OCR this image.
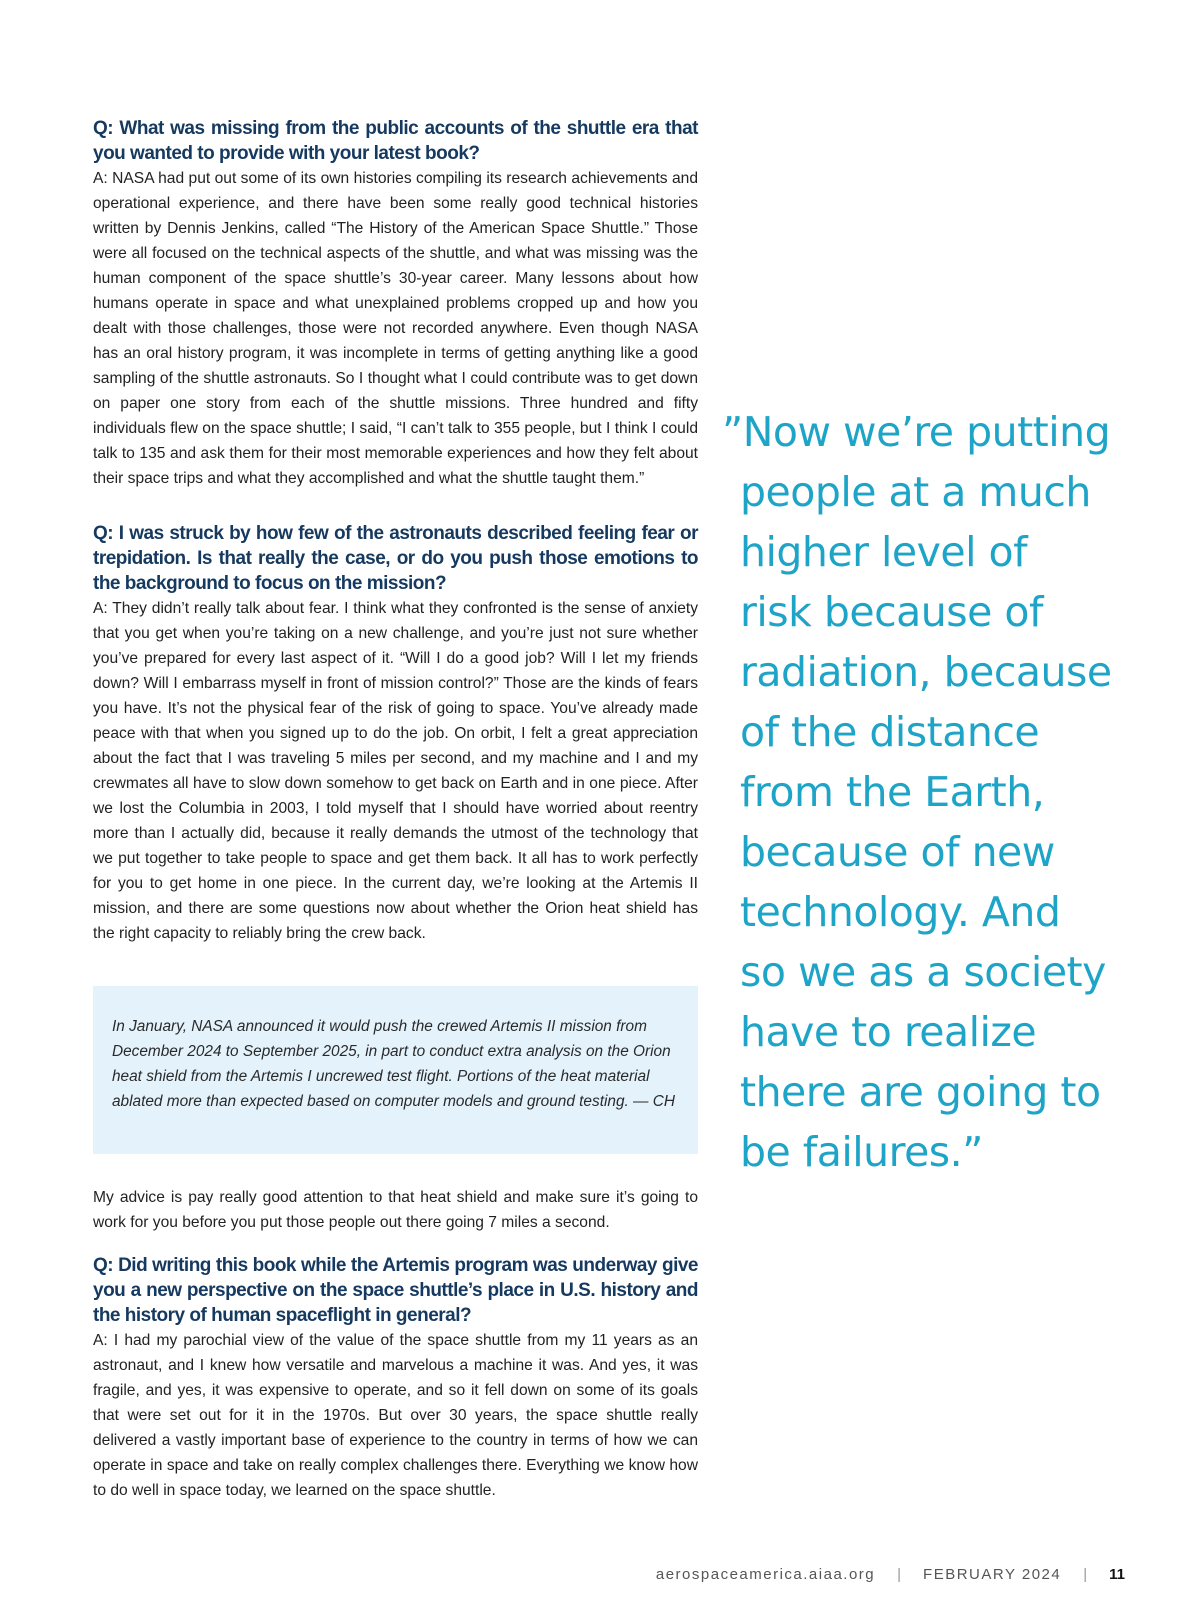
Q: What was missing from the public accounts of the shuttle era that you wanted to provide with your latest book?

A: NASA had put out some of its own histories compiling its research achievements and operational experience, and there have been some really good technical histories written by Dennis Jenkins, called “The History of the American Space Shuttle.” Those were all focused on the technical aspects of the shuttle, and what was missing was the human component of the space shuttle’s 30-year career. Many lessons about how humans operate in space and what unexplained problems cropped up and how you dealt with those challenges, those were not recorded anywhere. Even though NASA has an oral history program, it was incomplete in terms of getting anything like a good sampling of the shuttle astronauts. So I thought what I could contribute was to get down on paper one story from each of the shuttle missions. Three hundred and fifty individuals flew on the space shuttle; I said, “I can’t talk to 355 people, but I think I could talk to 135 and ask them for their most memorable experiences and how they felt about their space trips and what they accomplished and what the shuttle taught them.”

Q: I was struck by how few of the astronauts described feeling fear or trepidation. Is that really the case, or do you push those emotions to the background to focus on the mission?

A: They didn’t really talk about fear. I think what they confronted is the sense of anxiety that you get when you’re taking on a new challenge, and you’re just not sure whether you’ve prepared for every last aspect of it. “Will I do a good job? Will I let my friends down? Will I embarrass myself in front of mission control?” Those are the kinds of fears you have. It’s not the physical fear of the risk of going to space. You’ve already made peace with that when you signed up to do the job. On orbit, I felt a great appreciation about the fact that I was traveling 5 miles per second, and my machine and I and my crewmates all have to slow down somehow to get back on Earth and in one piece. After we lost the Columbia in 2003, I told myself that I should have worried about reentry more than I actually did, because it really demands the utmost of the technology that we put together to take people to space and get them back. It all has to work perfectly for you to get home in one piece. In the current day, we’re looking at the Artemis II mission, and there are some questions now about whether the Orion heat shield has the right capacity to reliably bring the crew back.

In January, NASA announced it would push the crewed Artemis II mission from December 2024 to September 2025, in part to conduct extra analysis on the Orion heat shield from the Artemis I uncrewed test flight. Portions of the heat material ablated more than expected based on computer models and ground testing. — CH

My advice is pay really good attention to that heat shield and make sure it’s going to work for you before you put those people out there going 7 miles a second.

Q: Did writing this book while the Artemis program was underway give you a new perspective on the space shuttle’s place in U.S. history and the history of human spaceflight in general?

A: I had my parochial view of the value of the space shuttle from my 11 years as an astronaut, and I knew how versatile and marvelous a machine it was. And yes, it was fragile, and yes, it was expensive to operate, and so it fell down on some of its goals that were set out for it in the 1970s. But over 30 years, the space shuttle really delivered a vastly important base of experience to the country in terms of how we can operate in space and take on really complex challenges there. Everything we know how to do well in space today, we learned on the space shuttle.

”Now we’re putting
people at a much
higher level of
risk because of
radiation, because
of the distance
from the Earth,
because of new
technology. And
so we as a society
have to realize
there are going to
be failures.”
aerospaceamerica.aiaa.org | FEBRUARY 2024 | 11
